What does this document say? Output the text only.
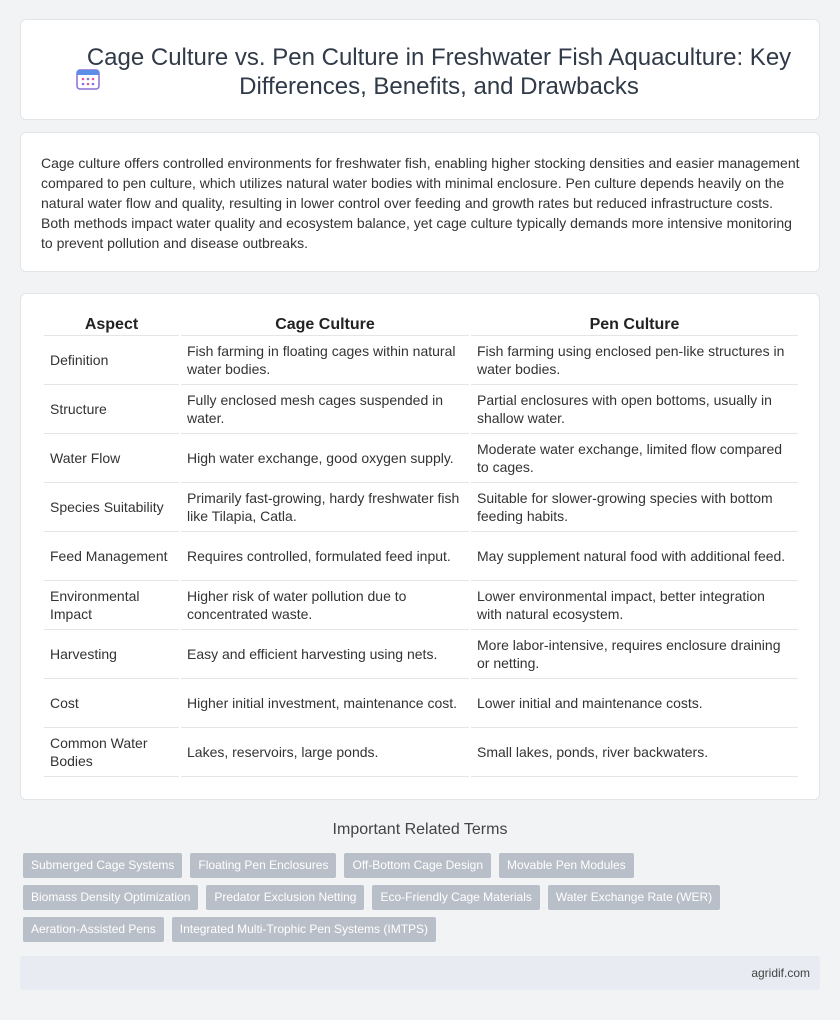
Cage Culture vs. Pen Culture in Freshwater Fish Aquaculture: Key Differences, Benefits, and Drawbacks

Cage culture offers controlled environments for freshwater fish, enabling higher stocking densities and easier management compared to pen culture, which utilizes natural water bodies with minimal enclosure. Pen culture depends heavily on the natural water flow and quality, resulting in lower control over feeding and growth rates but reduced infrastructure costs. Both methods impact water quality and ecosystem balance, yet cage culture typically demands more intensive monitoring to prevent pollution and disease outbreaks.

Aspect	Cage Culture	Pen Culture
Definition	Fish farming in floating cages within natural water bodies.	Fish farming using enclosed pen-like structures in water bodies.
Structure	Fully enclosed mesh cages suspended in water.	Partial enclosures with open bottoms, usually in shallow water.
Water Flow	High water exchange, good oxygen supply.	Moderate water exchange, limited flow compared to cages.
Species Suitability	Primarily fast-growing, hardy freshwater fish like Tilapia, Catla.	Suitable for slower-growing species with bottom feeding habits.
Feed Management	Requires controlled, formulated feed input.	May supplement natural food with additional feed.
Environmental Impact	Higher risk of water pollution due to concentrated waste.	Lower environmental impact, better integration with natural ecosystem.
Harvesting	Easy and efficient harvesting using nets.	More labor-intensive, requires enclosure draining or netting.
Cost	Higher initial investment, maintenance cost.	Lower initial and maintenance costs.
Common Water Bodies	Lakes, reservoirs, large ponds.	Small lakes, ponds, river backwaters.
Important Related Terms
Submerged Cage Systems	Floating Pen Enclosures	Off-Bottom Cage Design	Movable Pen Modules
Biomass Density Optimization	Predator Exclusion Netting	Eco-Friendly Cage Materials	Water Exchange Rate (WER)
Aeration-Assisted Pens	Integrated Multi-Trophic Pen Systems (IMTPS)
agridif.com
